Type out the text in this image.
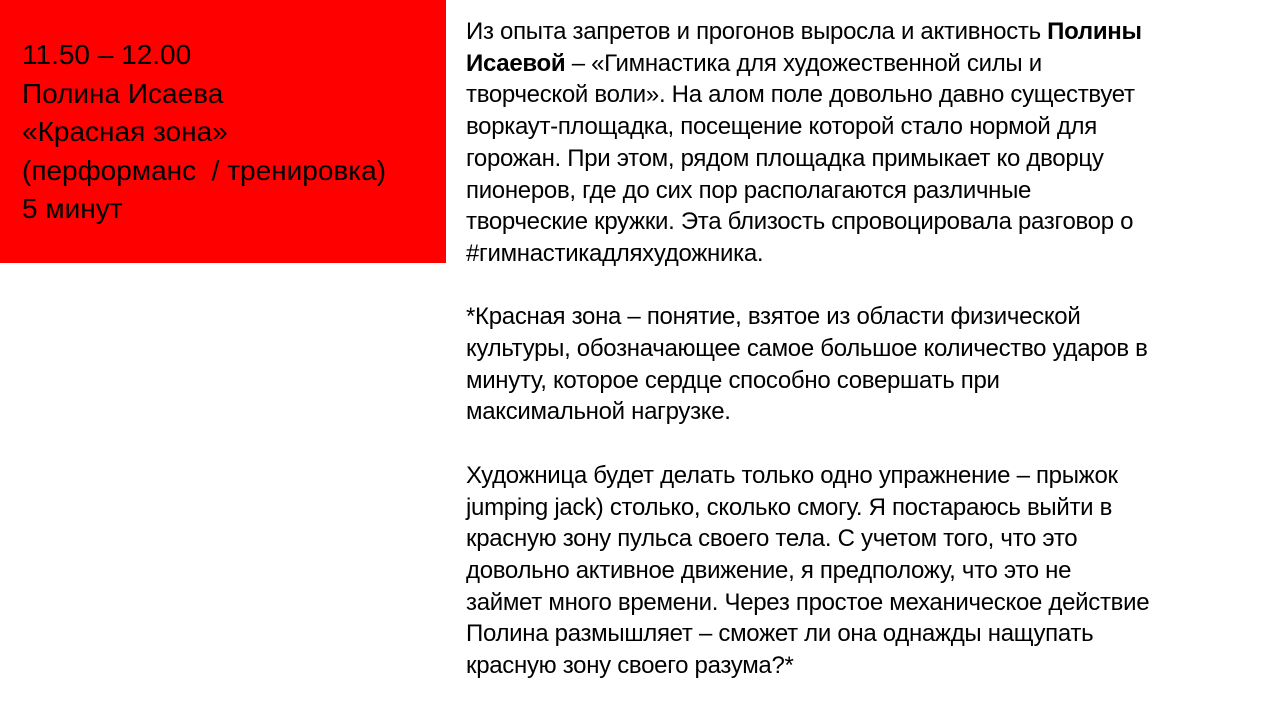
11.50 – 12.00
Полина Исаева
«Красная зона»
(перформанс  / тренировка)
5 минут
Из опыта запретов и прогонов выросла и активность Полины
Исаевой – «Гимнастика для художественной силы и
творческой воли». На алом поле довольно давно существует
воркаут-площадка, посещение которой стало нормой для
горожан. При этом, рядом площадка примыкает ко дворцу
пионеров, где до сих пор располагаются различные
творческие кружки. Эта близость спровоцировала разговор о
#гимнастикадляхудожника.
*Красная зона – понятие, взятое из области физической
культуры, обозначающее самое большое количество ударов в
минуту, которое сердце способно совершать при
максимальной нагрузке.
Художница будет делать только одно упражнение – прыжок
jumping jack) столько, сколько смогу. Я постараюсь выйти в
красную зону пульса своего тела. С учетом того, что это
довольно активное движение, я предположу, что это не
займет много времени. Через простое механическое действие
Полина размышляет – сможет ли она однажды нащупать
красную зону своего разума?*
